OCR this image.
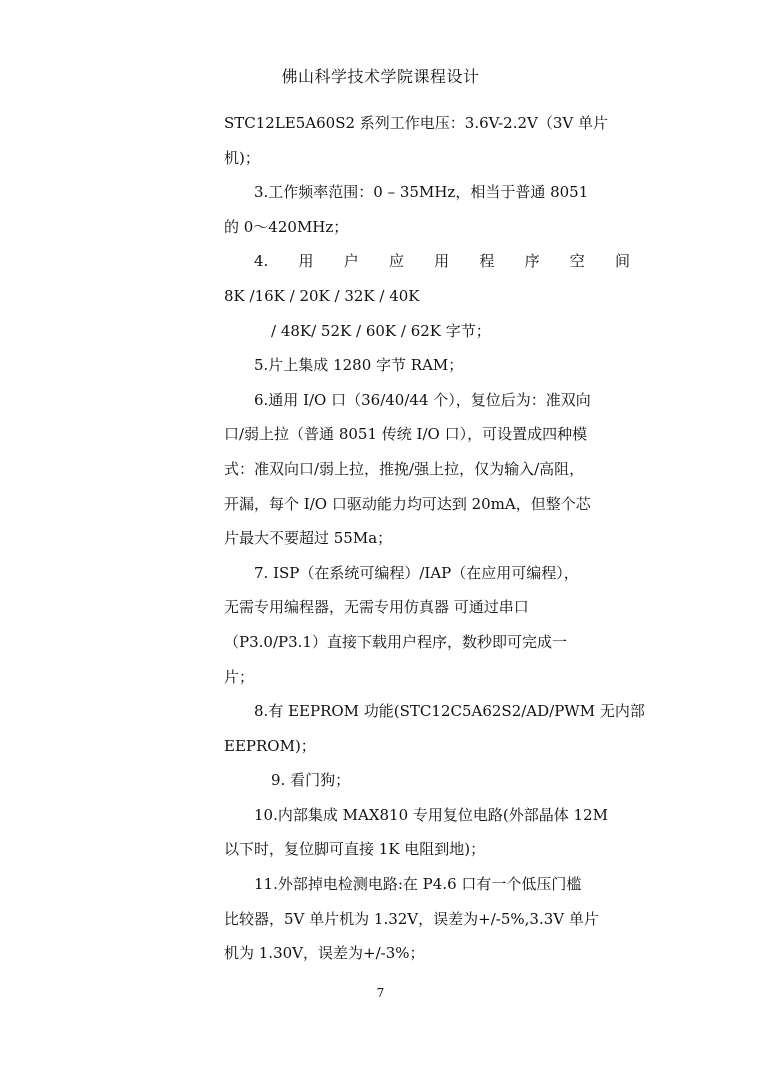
佛山科学技术学院课程设计
STC12LE5A60S2 系列工作电压：3.6V-2.2V（3V 单片
机)；
3.工作频率范围：0 – 35MHz，相当于普通 8051
的 0～420MHz；
4.　用　户　应　用　程　序　空　间
8K /16K / 20K / 32K / 40K
/ 48K/ 52K / 60K / 62K 字节；
5.片上集成 1280 字节 RAM；
6.通用 I/O 口（36/40/44 个），复位后为：准双向
口/弱上拉（普通 8051 传统 I/O 口），可设置成四种模
式：准双向口/弱上拉，推挽/强上拉，仅为输入/高阻，
开漏，每个 I/O 口驱动能力均可达到 20mA，但整个芯
片最大不要超过 55Ma；
7. ISP（在系统可编程）/IAP（在应用可编程），
无需专用编程器，无需专用仿真器 可通过串口
（P3.0/P3.1）直接下载用户程序，数秒即可完成一
片；
8.有 EEPROM 功能(STC12C5A62S2/AD/PWM 无内部
EEPROM)；
9. 看门狗；
10.内部集成 MAX810 专用复位电路(外部晶体 12M
以下时，复位脚可直接 1K 电阻到地)；
11.外部掉电检测电路:在 P4.6 口有一个低压门槛
比较器，5V 单片机为 1.32V，误差为+/-5%,3.3V 单片
机为 1.30V，误差为+/-3%；
7
